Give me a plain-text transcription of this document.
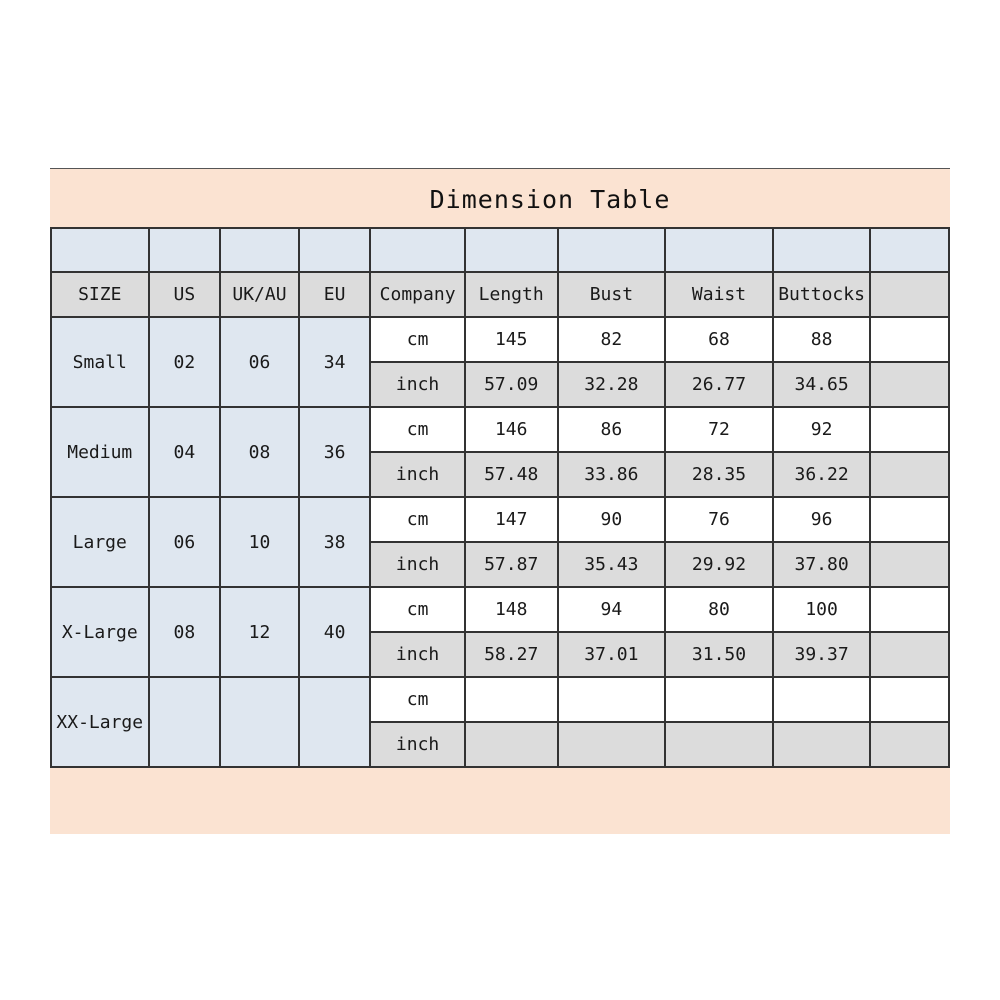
Dimension Table

SIZE	US	UK/AU	EU	Company	Length	Bust	Waist	Buttocks	
Small	02	06	34	cm	145	82	68	88	
				inch	57.09	32.28	26.77	34.65	
Medium	04	08	36	cm	146	86	72	92	
				inch	57.48	33.86	28.35	36.22	
Large	06	10	38	cm	147	90	76	96	
				inch	57.87	35.43	29.92	37.80	
X-Large	08	12	40	cm	148	94	80	100	
				inch	58.27	37.01	31.50	39.37	
XX-Large				cm					
				inch					
